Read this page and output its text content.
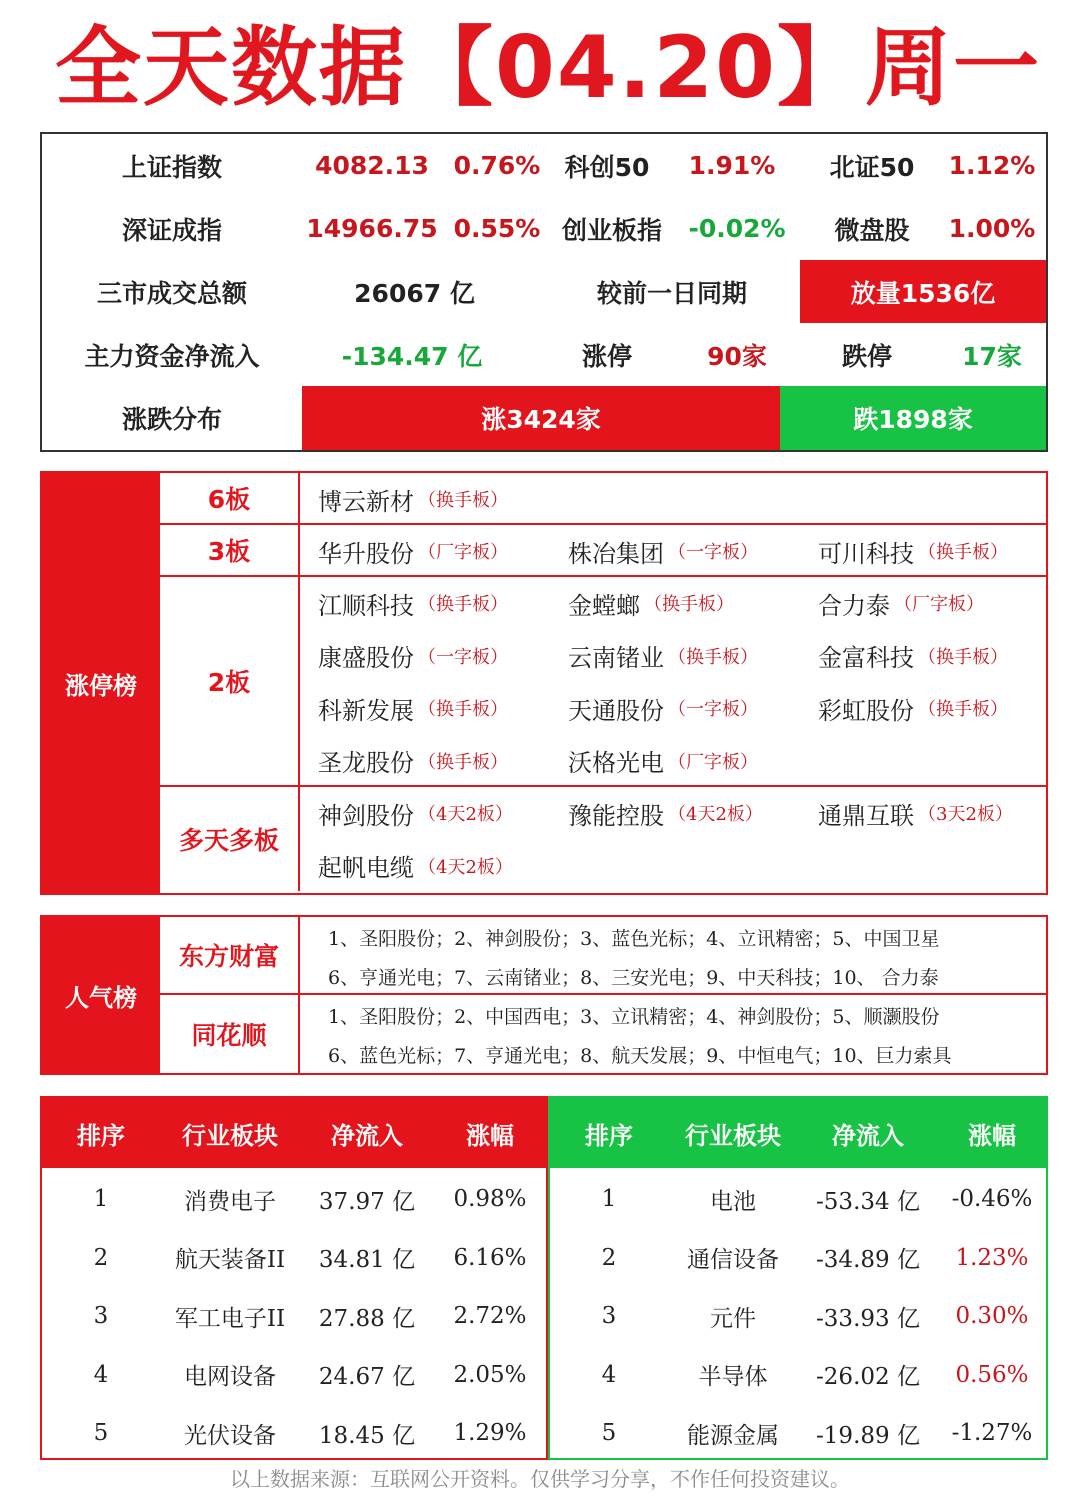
全天数据【04.20】周一
上证指数	4082.13 0.76% 科创50	1.91%	北证50	1.12%
深证成指	14966.75 0.55% 创业板指	-0.02%	微盘股	1.00%
三市成交总额	26067 亿	较前一日同期	放量1536亿
主力资金净流入	-134.47 亿	涨停	90家	跌停	17家
涨跌分布	涨3424家	跌1898家
涨停榜
6板	博云新材 （换手板）
3板	华升股份 （厂字板）	株冶集团 （一字板）	可川科技 （换手板）
2板
江顺科技 （换手板）	金螳螂 （换手板）	合力泰 （厂字板）
康盛股份 （一字板）	云南锗业 （换手板）	金富科技 （换手板）
科新发展 （换手板）	天通股份 （一字板）	彩虹股份 （换手板）
圣龙股份 （换手板）	沃格光电 （厂字板）
多天多板
神剑股份 （4天2板） 豫能控股 （4天2板） 通鼎互联 （3天2板）
起帆电缆 （4天2板）
人气榜
东方财富
1、圣阳股份；2、神剑股份；3、蓝色光标；4、立讯精密；5、中国卫星
6、亨通光电；7、云南锗业；8、三安光电；9、中天科技；10、 合力泰
同花顺
1、圣阳股份；2、中国西电；3、立讯精密；4、神剑股份；5、顺灏股份
6、蓝色光标；7、亨通光电；8、航天发展；9、中恒电气；10、巨力索具
排序	行业板块	净流入	涨幅
1	消费电子	37.97 亿	0.98%
2	航天装备II	34.81 亿	6.16%
3	军工电子II	27.88 亿	2.72%
4	电网设备	24.67 亿	2.05%
5	光伏设备	18.45 亿	1.29%
排序	行业板块	净流入	涨幅
1	电池	-53.34 亿	-0.46%
2	通信设备	-34.89 亿	1.23%
3	元件	-33.93 亿	0.30%
4	半导体	-26.02 亿	0.56%
5	能源金属	-19.89 亿	-1.27%
以上数据来源：互联网公开资料。仅供学习分享，不作任何投资建议。
